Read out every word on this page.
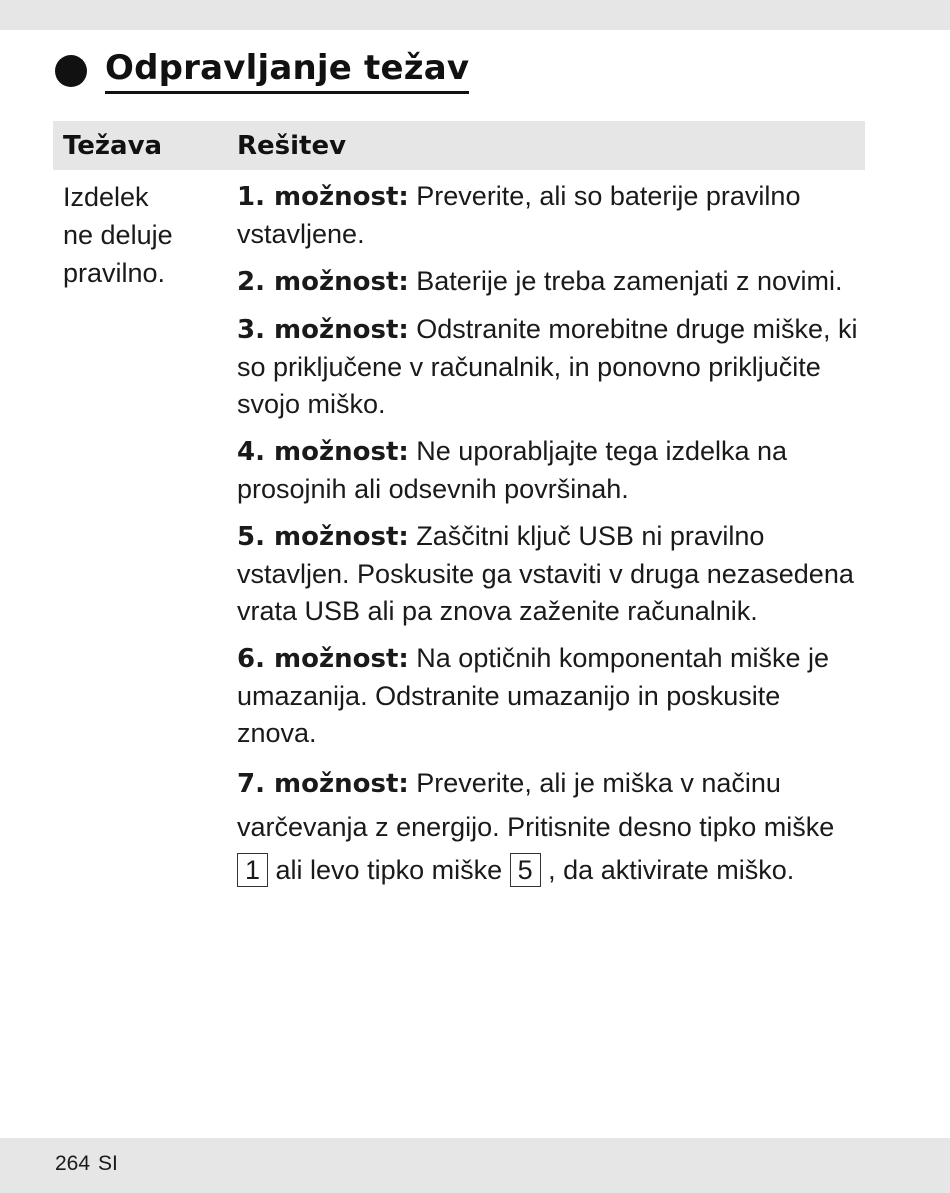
Odpravljanje težav
Težava	Rešitev
Izdelek
ne deluje
pravilno.

1. možnost: Preverite, ali so baterije pravilno vstavljene.

2. možnost: Baterije je treba zamenjati z novimi.

3. možnost: Odstranite morebitne druge miške, ki so priključene v računalnik, in ponovno priključite svojo miško.

4. možnost: Ne uporabljajte tega izdelka na prosojnih ali odsevnih površinah.

5. možnost: Zaščitni ključ USB ni pravilno vstavljen. Poskusite ga vstaviti v druga nezasedena vrata USB ali pa znova zaženite računalnik.

6. možnost: Na optičnih komponentah miške je umazanija. Odstranite umazanijo in poskusite znova.

7. možnost: Preverite, ali je miška v načinu varčevanja z energijo. Pritisnite desno tipko miške 1 ali levo tipko miške 5 , da aktivirate miško.

264 SI
